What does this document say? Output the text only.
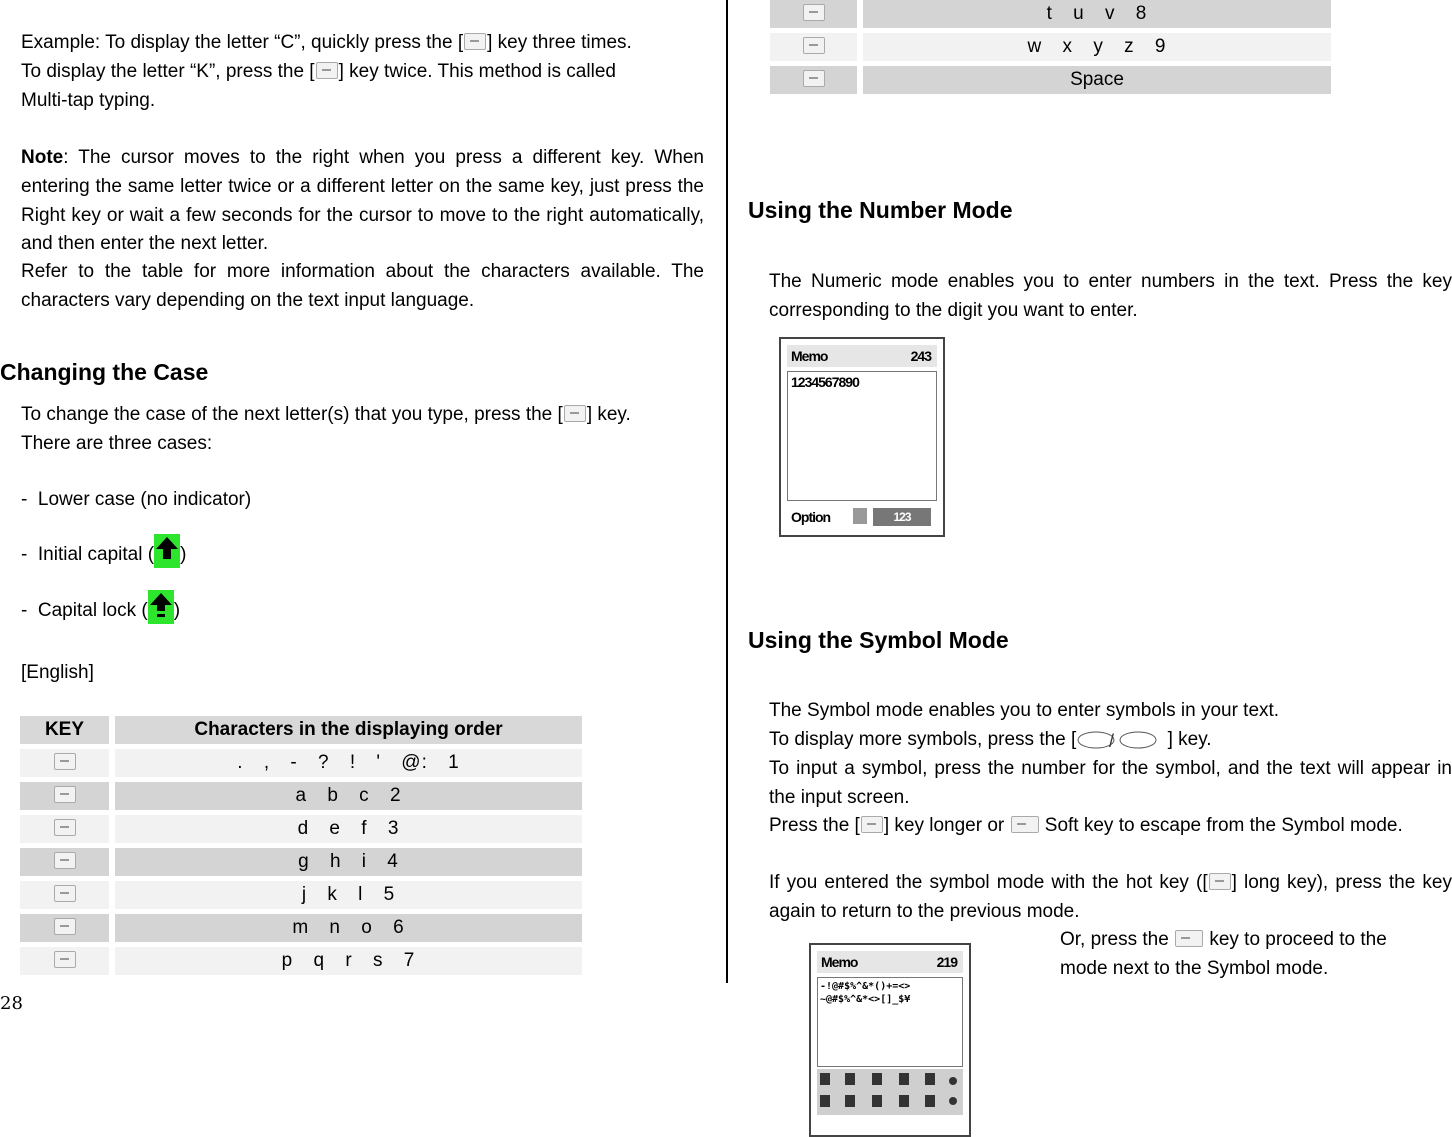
Example: To display the letter “C”, quickly press the [ ] key three times.
To display the letter “K”, press the [ ] key twice. This method is called
Multi-tap typing.
Note: The cursor moves to the right when you press a different key. When entering the same letter twice or a different letter on the same key, just press the Right key or wait a few seconds for the cursor to move to the right automatically, and then enter the next letter.
Refer to the table for more information about the characters available. The characters vary depending on the text input language.
Changing the Case
To change the case of the next letter(s) that you type, press the [ ] key.
There are three cases:
- Lower case (no indicator)
- Initial capital ( )
- Capital lock ( )
[English]
KEY	Characters in the displaying order
	. , - ? ! ' @: 1
	a b c 2
	d e f 3
	g h i 4
	j k l 5
	m n o 6
	p q r s 7
28
	t u v 8
	w x y z 9
	Space
Using the Number Mode
The Numeric mode enables you to enter numbers in the text. Press the key corresponding to the digit you want to enter.
Memo	243
1234567890
Option	123
Using the Symbol Mode
The Symbol mode enables you to enter symbols in your text.
To display more symbols, press the [ /	] key.
To input a symbol, press the number for the symbol, and the text will appear in the input screen.
Press the [ ] key longer or  Soft key to escape from the Symbol mode.
If you entered the symbol mode with the hot key ([ ] long key), press the key again to return to the previous mode.
Or, press the  key to proceed to the
mode next to the Symbol mode.
Memo	219
-!@#$%^&*()+=<>
~@#$%^&*<>[]_$¥
